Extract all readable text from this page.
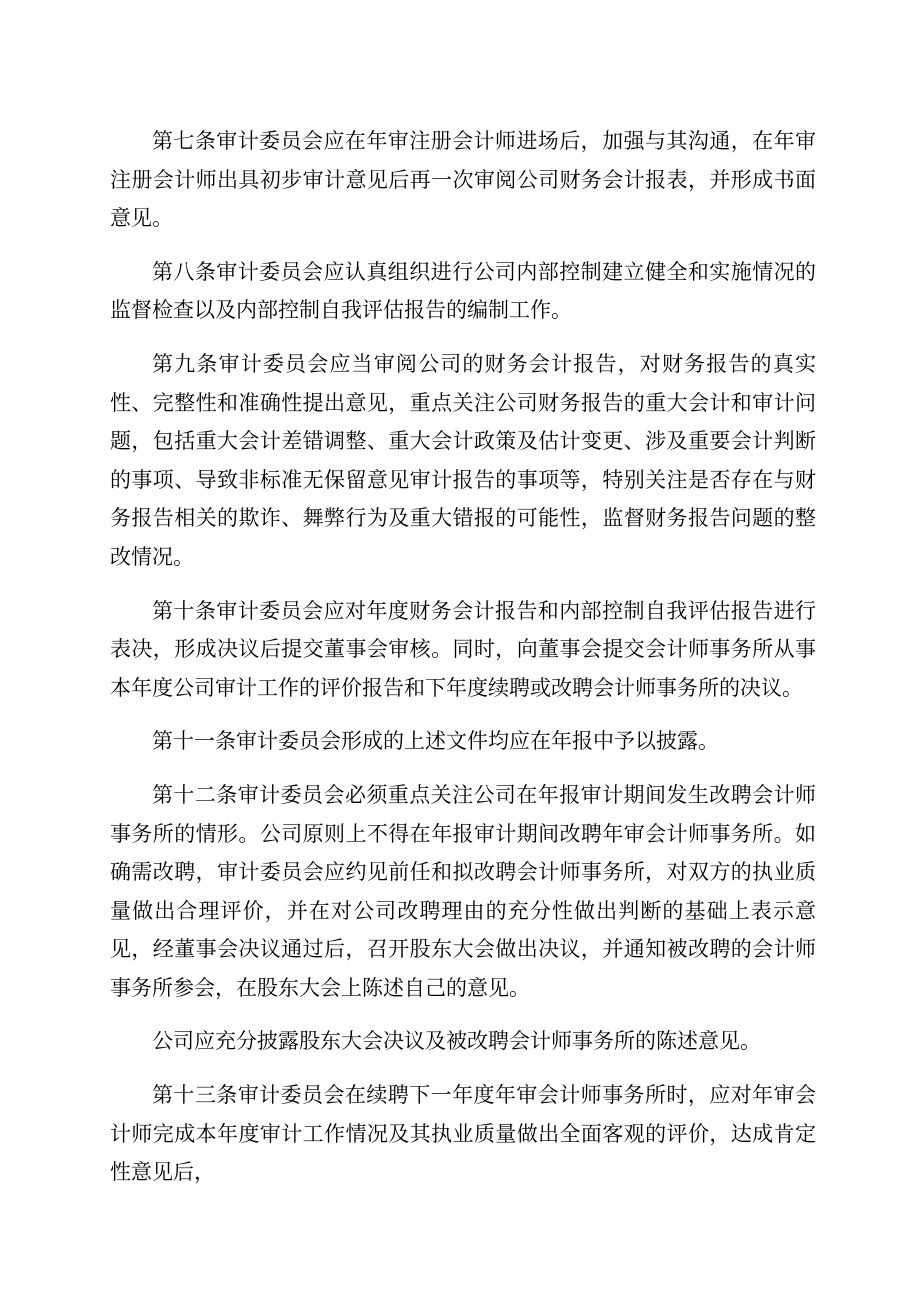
第七条审计委员会应在年审注册会计师进场后，加强与其沟通，在年审注册会计师出具初步审计意见后再一次审阅公司财务会计报表，并形成书面意见。

第八条审计委员会应认真组织进行公司内部控制建立健全和实施情况的监督检查以及内部控制自我评估报告的编制工作。

第九条审计委员会应当审阅公司的财务会计报告，对财务报告的真实性、完整性和准确性提出意见，重点关注公司财务报告的重大会计和审计问题，包括重大会计差错调整、重大会计政策及估计变更、涉及重要会计判断的事项、导致非标准无保留意见审计报告的事项等，特别关注是否存在与财务报告相关的欺诈、舞弊行为及重大错报的可能性，监督财务报告问题的整改情况。

第十条审计委员会应对年度财务会计报告和内部控制自我评估报告进行表决，形成决议后提交董事会审核。同时，向董事会提交会计师事务所从事本年度公司审计工作的评价报告和下年度续聘或改聘会计师事务所的决议。

第十一条审计委员会形成的上述文件均应在年报中予以披露。

第十二条审计委员会必须重点关注公司在年报审计期间发生改聘会计师事务所的情形。公司原则上不得在年报审计期间改聘年审会计师事务所。如确需改聘，审计委员会应约见前任和拟改聘会计师事务所，对双方的执业质量做出合理评价，并在对公司改聘理由的充分性做出判断的基础上表示意见，经董事会决议通过后，召开股东大会做出决议，并通知被改聘的会计师事务所参会，在股东大会上陈述自己的意见。

公司应充分披露股东大会决议及被改聘会计师事务所的陈述意见。

第十三条审计委员会在续聘下一年度年审会计师事务所时，应对年审会计师完成本年度审计工作情况及其执业质量做出全面客观的评价，达成肯定性意见后，
